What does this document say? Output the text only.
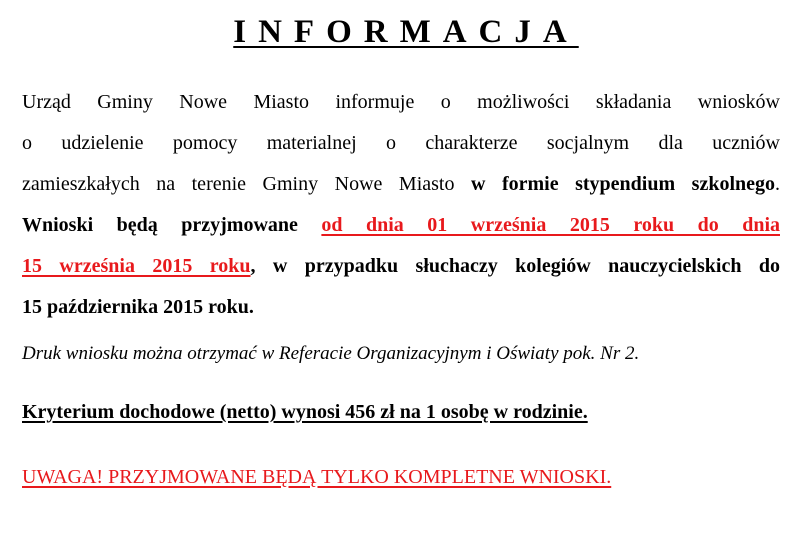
INFORMACJA
Urząd Gminy Nowe Miasto informuje o możliwości składania wniosków
o udzielenie pomocy materialnej o charakterze socjalnym dla uczniów
zamieszkałych na terenie Gminy Nowe Miasto w formie stypendium szkolnego.
Wnioski będą przyjmowane od dnia 01 września 2015 roku do dnia
15 września 2015 roku, w przypadku słuchaczy kolegiów nauczycielskich do
15 października 2015 roku.
Druk wniosku można otrzymać w Referacie Organizacyjnym i Oświaty pok. Nr 2.
Kryterium dochodowe (netto) wynosi 456 zł na 1 osobę w rodzinie.
UWAGA! PRZYJMOWANE BĘDĄ TYLKO KOMPLETNE WNIOSKI.
